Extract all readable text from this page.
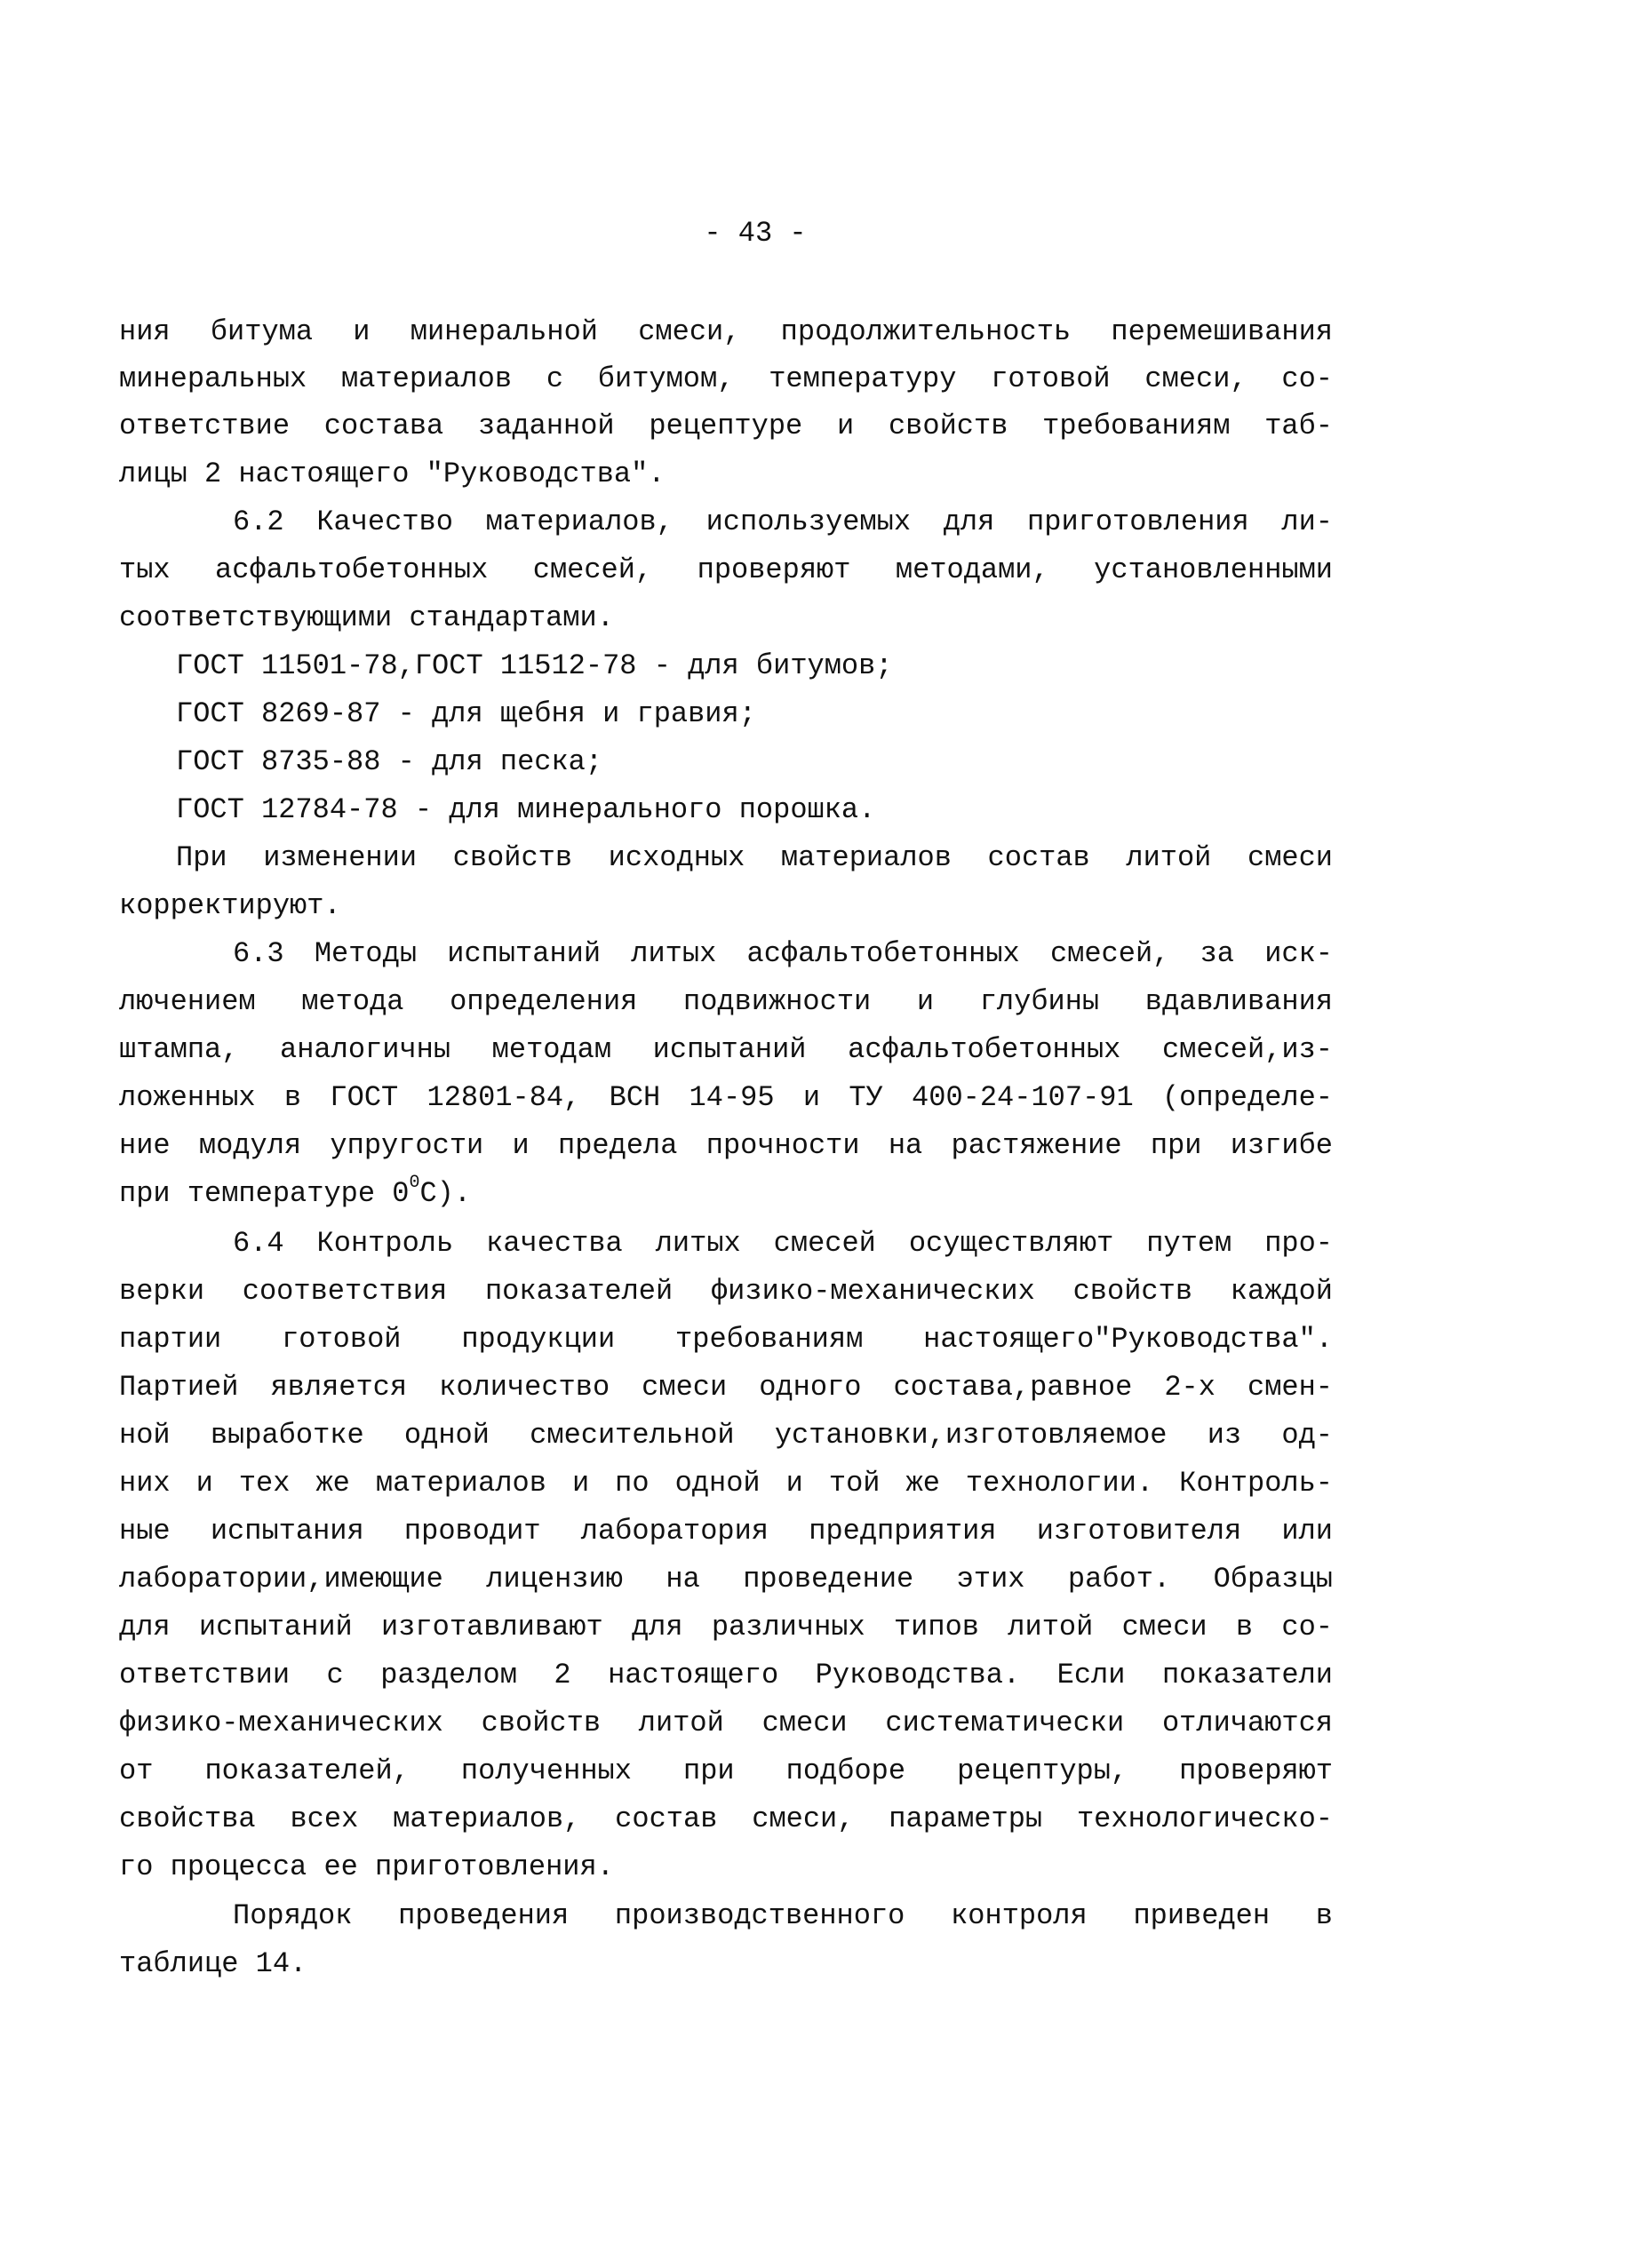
- 43 -
ния битума и минеральной смеси, продолжительность перемешивания
минеральных материалов с битумом, температуру готовой смеси, со-
ответствие состава заданной рецептуре и свойств требованиям таб-
лицы 2 настоящего "Руководства".
6.2 Качество материалов, используемых для приготовления ли-
тых асфальтобетонных смесей, проверяют методами, установленными
соответствующими стандартами.
ГОСТ 11501-78,ГОСТ 11512-78 - для битумов;
ГОСТ 8269-87 - для щебня и гравия;
ГОСТ 8735-88 - для песка;
ГОСТ 12784-78 - для минерального порошка.
При изменении свойств исходных материалов состав литой смеси
корректируют.
6.3 Методы испытаний литых асфальтобетонных смесей, за иск-
лючением метода определения подвижности и глубины вдавливания
штампа, аналогичны методам испытаний асфальтобетонных смесей,из-
ложенных в ГОСТ 12801-84, ВСН 14-95 и ТУ 400-24-107-91 (определе-
ние модуля упругости и предела прочности на растяжение при изгибе
при температуре $0^0С$).
6.4 Контроль качества литых смесей осуществляют путем про-
верки соответствия показателей физико-механических свойств каждой
партии готовой продукции требованиям настоящего"Руководства".
Партией является количество смеси одного состава,равное 2-х смен-
ной выработке одной смесительной установки,изготовляемое из од-
них и тех же материалов и по одной и той же технологии. Контроль-
ные испытания проводит лаборатория предприятия изготовителя или
лаборатории,имеющие лицензию на проведение этих работ. Образцы
для испытаний изготавливают для различных типов литой смеси в со-
ответствии с разделом 2 настоящего Руководства. Если показатели
физико-механических свойств литой смеси систематически отличаются
от показателей, полученных при подборе рецептуры, проверяют
свойства всех материалов, состав смеси, параметры технологическо-
го процесса ее приготовления.
Порядок проведения производственного контроля приведен в
таблице 14.
